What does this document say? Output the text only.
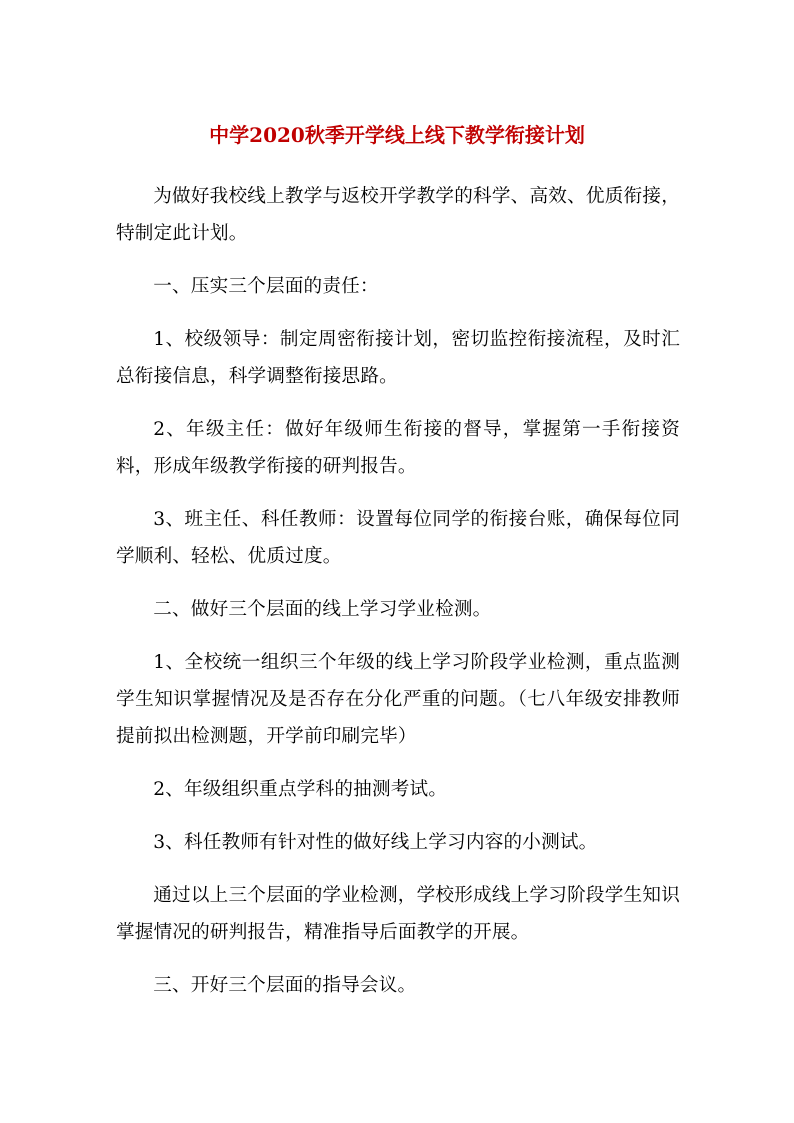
中学2020秋季开学线上线下教学衔接计划

为做好我校线上教学与返校开学教学的科学、高效、优质衔接，特制定此计划。

一、压实三个层面的责任：

1、校级领导：制定周密衔接计划，密切监控衔接流程，及时汇总衔接信息，科学调整衔接思路。

2、年级主任：做好年级师生衔接的督导，掌握第一手衔接资料，形成年级教学衔接的研判报告。

3、班主任、科任教师：设置每位同学的衔接台账，确保每位同学顺利、轻松、优质过度。

二、做好三个层面的线上学习学业检测。

1、全校统一组织三个年级的线上学习阶段学业检测，重点监测学生知识掌握情况及是否存在分化严重的问题。（七八年级安排教师提前拟出检测题，开学前印刷完毕）

2、年级组织重点学科的抽测考试。

3、科任教师有针对性的做好线上学习内容的小测试。

通过以上三个层面的学业检测，学校形成线上学习阶段学生知识掌握情况的研判报告，精准指导后面教学的开展。

三、开好三个层面的指导会议。
